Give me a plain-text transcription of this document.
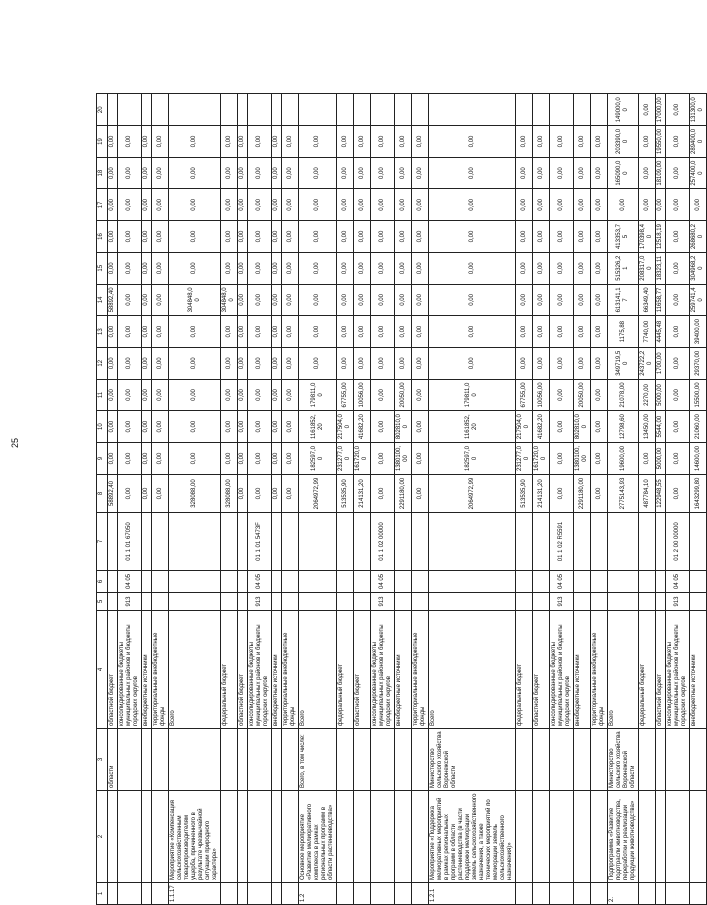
25
1	2	3	4	5	6	7	8	9	10	11	12	13	14	15	16	17	18	19	20
		области	областной бюджет				58892,40	0,00	0,00	0,00	0,00	0,00	58892,40	0,00	0,00	0,00	0,00	0,00	
			консолидированные бюджеты муниципальных районов и бюджеты городских округов	913	04 05	01 1 01 67050	0,00	0,00	0,00	0,00	0,00	0,00	0,00	0,00	0,00	0,00	0,00	0,00	
			внебюджетные источники				0,00	0,00	0,00	0,00	0,00	0,00	0,00	0,00	0,00	0,00	0,00	0,00	
			территориальные внебюджетные фонды				0,00	0,00	0,00	0,00	0,00	0,00	0,00	0,00	0,00	0,00	0,00	0,00	
1.1.17	Мероприятие «Компенсация сельскохозяйственным товаропроизводителям ущерба, причиненного в результате чрезвычайной ситуации природного характера»		Всего				328088,00	0,00	0,00	0,00	0,00	0,00	304848,00	0,00	0,00	0,00	0,00	0,00	
			федеральный бюджет				328088,00	0,00	0,00	0,00	0,00	0,00	304848,00	0,00	0,00	0,00	0,00	0,00	
			областной бюджет				0,00	0,00	0,00	0,00	0,00	0,00	0,00	0,00	0,00	0,00	0,00	0,00	
			консолидированные бюджеты муниципальных районов и бюджеты городских округов	913	04 05	01 1 01 5473F	0,00	0,00	0,00	0,00	0,00	0,00	0,00	0,00	0,00	0,00	0,00	0,00	
			внебюджетные источники				0,00	0,00	0,00	0,00	0,00	0,00	0,00	0,00	0,00	0,00	0,00	0,00	
			территориальные внебюджетные фонды				0,00	0,00	0,00	0,00	0,00	0,00	0,00	0,00	0,00	0,00	0,00	0,00	
1.2	Основное мероприятие «Развитие мелиоративного комплекса в рамках региональных программ в области растениеводства»	Всего, в том числе:	Всего				2064972,99	182597,00	1161852,20	179811,00	0,00	0,00	0,00	0,00	0,00	0,00	0,00	0,00	
			федеральный бюджет				513535,90	231277,00	217504,00	67755,00	0,00	0,00	0,00	0,00	0,00	0,00	0,00	0,00	
			областной бюджет				214131,20	161720,00	41682,20	10056,00	0,00	0,00	0,00	0,00	0,00	0,00	0,00	0,00	
			консолидированные бюджеты муниципальных районов и бюджеты городских округов	913	04 05	01 1 02 00000	0,00	0,00	0,00	0,00	0,00	0,00	0,00	0,00	0,00	0,00	0,00	0,00	
			внебюджетные источники				2291180,00	1380100,00	802810,00	20050,00	0,00	0,00	0,00	0,00	0,00	0,00	0,00	0,00	
			территориальные внебюджетные фонды				0,00	0,00	0,00	0,00	0,00	0,00	0,00	0,00	0,00	0,00	0,00	0,00	
1.2.1	Мероприятие «Поддержка мелиоративных мероприятий в рамках региональных программ в области растениеводства (в части поддержки мелиорации земель сельскохозяйственного назначения, а также технических мероприятий по мелиорации земель сельскохозяйственного назначения)»	Министерство сельского хозяйства Воронежской области	Всего				2064972,99	182597,00	1161852,20	179811,00	0,00	0,00	0,00	0,00	0,00	0,00	0,00	0,00	
			федеральный бюджет				513535,90	231277,00	217504,00	67755,00	0,00	0,00	0,00	0,00	0,00	0,00	0,00	0,00	
			областной бюджет				214131,20	161720,00	41682,20	10056,00	0,00	0,00	0,00	0,00	0,00	0,00	0,00	0,00	
			консолидированные бюджеты муниципальных районов и бюджеты городских округов	913	04 05	01 1 02 R5591	0,00	0,00	0,00	0,00	0,00	0,00	0,00	0,00	0,00	0,00	0,00	0,00	
			внебюджетные источники				2291180,00	1380100,00	802810,00	20050,00	0,00	0,00	0,00	0,00	0,00	0,00	0,00	0,00	
			территориальные внебюджетные фонды				0,00	0,00	0,00	0,00	0,00	0,00	0,00	0,00	0,00	0,00	0,00	0,00	
2.	Подпрограмма «Развитие подотрасли животноводства, переработки и реализации продукции животноводства»	Министерство сельского хозяйства Воронежской области	Всего				2775143,93	19600,00	12798,60	21078,00	349719,50	1175,88	613141,17	515326,21	413353,75	0,00	165090,00	203390,00	149000,00
			федеральный бюджет				487784,10	0,00	13450,00	2270,00	243722,20	7740,00	66349,40	208317,00	170398,40	0,00	0,00	0,00	0,00
			областной бюджет				122948,55	5000,00	5544,00	5000,00	1700,00	4445,48	11658,77	18323,11	12518,19	0,00	18109,00	19550,00	17000,00
			консолидированные бюджеты муниципальных районов и бюджеты городских округов	913	04 05	01 2 00 00000	0,00	0,00	0,00	0,00	0,00	0,00	0,00	0,00	0,00	0,00	0,00	0,00	0,00
			внебюджетные источники				1643299,80	14600,00	21060,00	15500,00	29370,00	39400,00	259741,40	304968,20	268680,20	0,00	257400,00	289400,00	131300,00
